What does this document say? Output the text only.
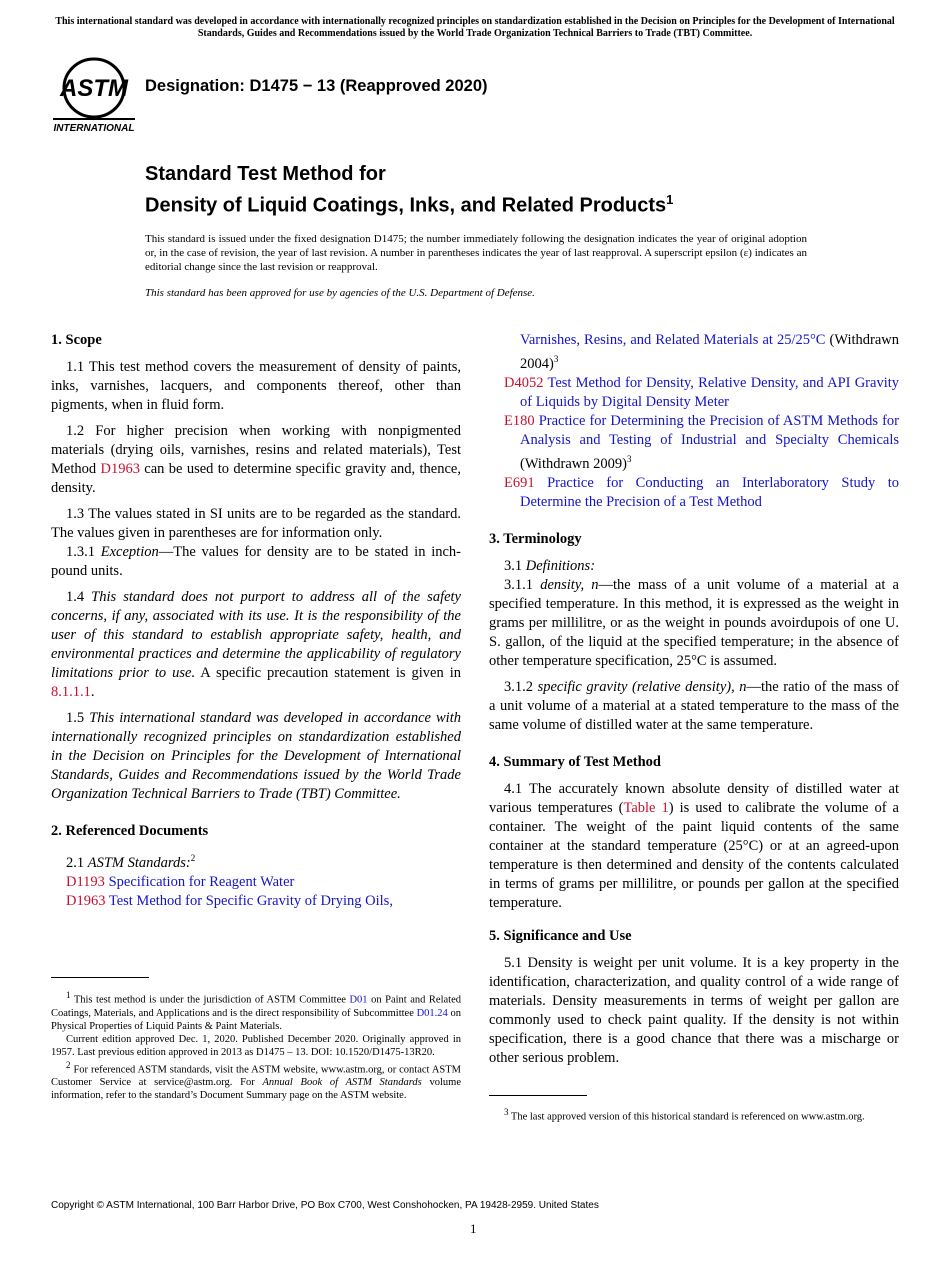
This international standard was developed in accordance with internationally recognized principles on standardization established in the Decision on Principles for the Development of International Standards, Guides and Recommendations issued by the World Trade Organization Technical Barriers to Trade (TBT) Committee.
ASTM
INTERNATIONAL
Designation: D1475 − 13 (Reapproved 2020)
Standard Test Method for
Density of Liquid Coatings, Inks, and Related Products$^1$
This standard is issued under the fixed designation D1475; the number immediately following the designation indicates the year of original adoption or, in the case of revision, the year of last revision. A number in parentheses indicates the year of last reapproval. A superscript epsilon (ε) indicates an editorial change since the last revision or reapproval.
This standard has been approved for use by agencies of the U.S. Department of Defense.
1. Scope

1.1 This test method covers the measurement of density of paints, inks, varnishes, lacquers, and components thereof, other than pigments, when in fluid form.

1.2 For higher precision when working with nonpigmented materials (drying oils, varnishes, resins and related materials), Test Method D1963 can be used to determine specific gravity and, thence, density.

1.3 The values stated in SI units are to be regarded as the standard. The values given in parentheses are for information only.

1.3.1 Exception—The values for density are to be stated in inch-pound units.

1.4 This standard does not purport to address all of the safety concerns, if any, associated with its use. It is the responsibility of the user of this standard to establish appropriate safety, health, and environmental practices and determine the applicability of regulatory limitations prior to use. A specific precaution statement is given in 8.1.1.1.

1.5 This international standard was developed in accordance with internationally recognized principles on standardization established in the Decision on Principles for the Development of International Standards, Guides and Recommendations issued by the World Trade Organization Technical Barriers to Trade (TBT) Committee.

2. Referenced Documents

2.1 ASTM Standards:$^2$

D1193 Specification for Reagent Water

D1963 Test Method for Specific Gravity of Drying Oils,

$^1$ This test method is under the jurisdiction of ASTM Committee D01 on Paint and Related Coatings, Materials, and Applications and is the direct responsibility of Subcommittee D01.24 on Physical Properties of Liquid Paints & Paint Materials.

Current edition approved Dec. 1, 2020. Published December 2020. Originally approved in 1957. Last previous edition approved in 2013 as D1475 – 13. DOI: 10.1520/D1475-13R20.

$^2$ For referenced ASTM standards, visit the ASTM website, www.astm.org, or contact ASTM Customer Service at service@astm.org. For Annual Book of ASTM Standards volume information, refer to the standard’s Document Summary page on the ASTM website.

Varnishes, Resins, and Related Materials at 25/25°C (Withdrawn 2004)$^3$

D4052 Test Method for Density, Relative Density, and API Gravity of Liquids by Digital Density Meter

E180 Practice for Determining the Precision of ASTM Methods for Analysis and Testing of Industrial and Specialty Chemicals (Withdrawn 2009)$^3$

E691 Practice for Conducting an Interlaboratory Study to Determine the Precision of a Test Method

3. Terminology

3.1 Definitions:

3.1.1 density, n—the mass of a unit volume of a material at a specified temperature. In this method, it is expressed as the weight in grams per millilitre, or as the weight in pounds avoirdupois of one U. S. gallon, of the liquid at the specified temperature; in the absence of other temperature specification, 25°C is assumed.

3.1.2 specific gravity (relative density), n—the ratio of the mass of a unit volume of a material at a stated temperature to the mass of the same volume of distilled water at the same temperature.

4. Summary of Test Method

4.1 The accurately known absolute density of distilled water at various temperatures (Table 1) is used to calibrate the volume of a container. The weight of the paint liquid contents of the same container at the standard temperature (25°C) or at an agreed-upon temperature is then determined and density of the contents calculated in terms of grams per millilitre, or pounds per gallon at the specified temperature.

5. Significance and Use

5.1 Density is weight per unit volume. It is a key property in the identification, characterization, and quality control of a wide range of materials. Density measurements in terms of weight per gallon are commonly used to check paint quality. If the density is not within specification, there is a good chance that there was a mischarge or other serious problem.

$^3$ The last approved version of this historical standard is referenced on www.astm.org.

Copyright © ASTM International, 100 Barr Harbor Drive, PO Box C700, West Conshohocken, PA 19428-2959. United States
1
